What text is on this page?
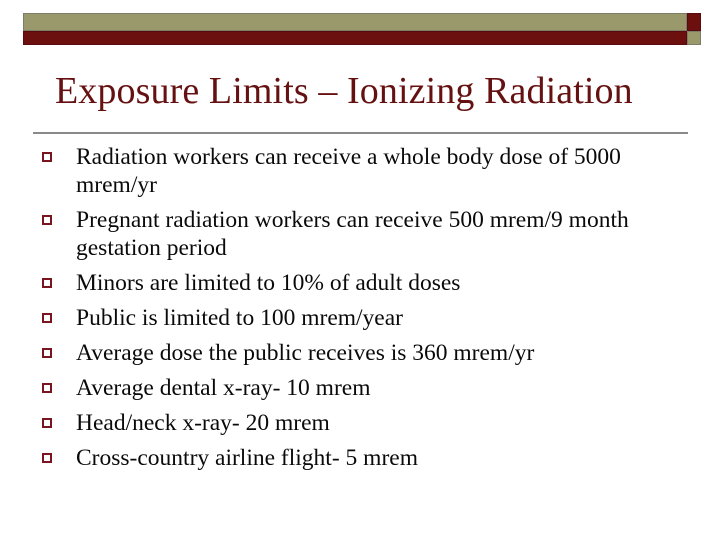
Exposure Limits – Ionizing Radiation
Radiation workers can receive a whole body dose of 5000 mrem/yr
Pregnant radiation workers can receive 500 mrem/9 month gestation period
Minors are limited to 10% of adult doses
Public is limited to 100 mrem/year
Average dose the public receives is 360 mrem/yr
Average dental x-ray- 10 mrem
Head/neck x-ray- 20 mrem
Cross-country airline flight- 5 mrem
